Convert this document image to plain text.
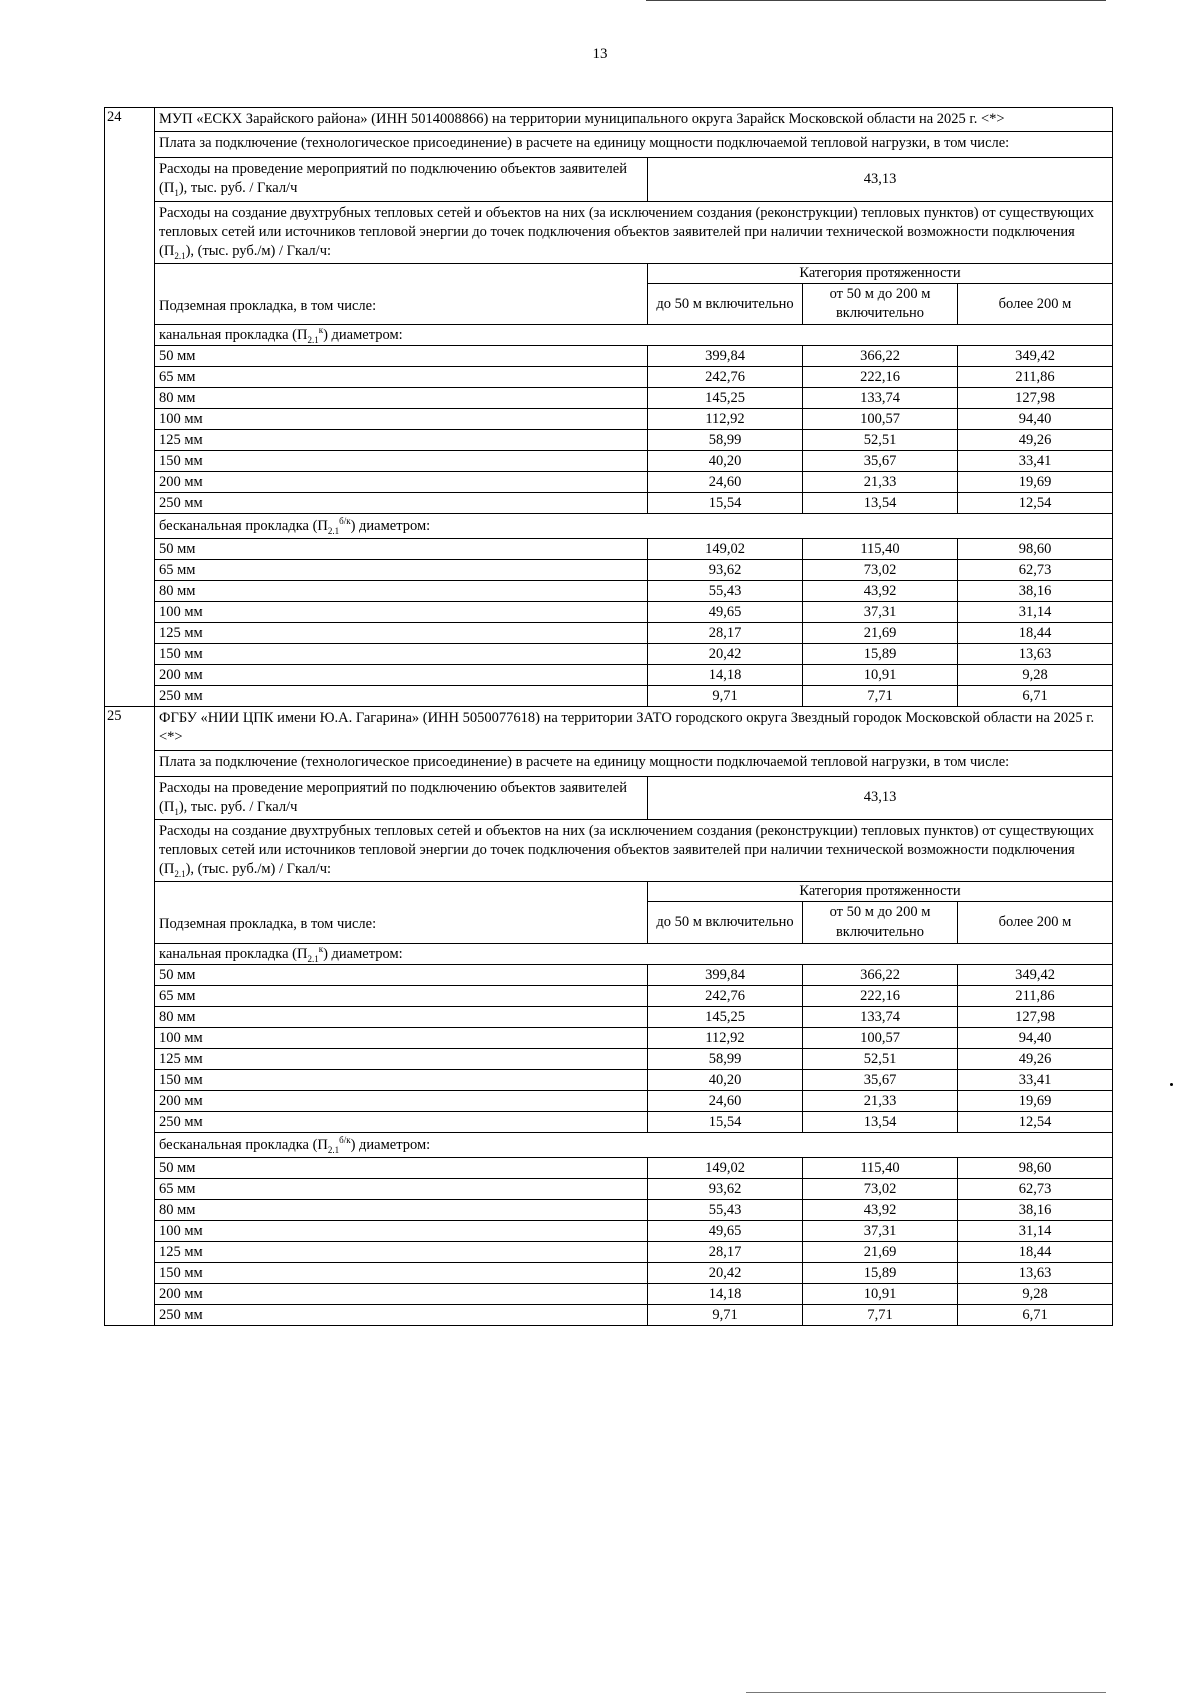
13
24	МУП «ЕСКХ Зарайского района» (ИНН 5014008866) на территории муниципального округа Зарайск Московской области на 2025 г. <*>			
	Плата за подключение (технологическое присоединение) в расчете на единицу мощности подключаемой тепловой нагрузки, в том числе:			
	Расходы на проведение мероприятий по подключению объектов заявителей $(П_1)$, тыс. руб. / Гкал/ч	43,13		
	Расходы на создание двухтрубных тепловых сетей и объектов на них (за исключением создания (реконструкции) тепловых пунктов) от существующих тепловых сетей или источников тепловой энергии до точек подключения объектов заявителей при наличии технической возможности подключения $(П_{2.1})$, (тыс. руб./м) / Гкал/ч:			
	Подземная прокладка, в том числе:	Категория протяженности		
		до 50 м включительно	от 50 м до 200 м включительно	более 200 м
	канальная прокладка $(П_{2.1}^к)$ диаметром:			
	50 мм	399,84	366,22	349,42
	65 мм	242,76	222,16	211,86
	80 мм	145,25	133,74	127,98
	100 мм	112,92	100,57	94,40
	125 мм	58,99	52,51	49,26
	150 мм	40,20	35,67	33,41
	200 мм	24,60	21,33	19,69
	250 мм	15,54	13,54	12,54
	бесканальная прокладка $(П_{2.1}^{б/к})$ диаметром:			
	50 мм	149,02	115,40	98,60
	65 мм	93,62	73,02	62,73
	80 мм	55,43	43,92	38,16
	100 мм	49,65	37,31	31,14
	125 мм	28,17	21,69	18,44
	150 мм	20,42	15,89	13,63
	200 мм	14,18	10,91	9,28
	250 мм	9,71	7,71	6,71
25	ФГБУ «НИИ ЦПК имени Ю.А. Гагарина» (ИНН 5050077618) на территории ЗАТО городского округа Звездный городок Московской области на 2025 г. <*>			
	Плата за подключение (технологическое присоединение) в расчете на единицу мощности подключаемой тепловой нагрузки, в том числе:			
	Расходы на проведение мероприятий по подключению объектов заявителей $(П_1)$, тыс. руб. / Гкал/ч	43,13		
	Расходы на создание двухтрубных тепловых сетей и объектов на них (за исключением создания (реконструкции) тепловых пунктов) от существующих тепловых сетей или источников тепловой энергии до точек подключения объектов заявителей при наличии технической возможности подключения $(П_{2.1})$, (тыс. руб./м) / Гкал/ч:			
	Подземная прокладка, в том числе:	Категория протяженности		
		до 50 м включительно	от 50 м до 200 м включительно	более 200 м
	канальная прокладка $(П_{2.1}^к)$ диаметром:			
	50 мм	399,84	366,22	349,42
	65 мм	242,76	222,16	211,86
	80 мм	145,25	133,74	127,98
	100 мм	112,92	100,57	94,40
	125 мм	58,99	52,51	49,26
	150 мм	40,20	35,67	33,41
	200 мм	24,60	21,33	19,69
	250 мм	15,54	13,54	12,54
	бесканальная прокладка $(П_{2.1}^{б/к})$ диаметром:			
	50 мм	149,02	115,40	98,60
	65 мм	93,62	73,02	62,73
	80 мм	55,43	43,92	38,16
	100 мм	49,65	37,31	31,14
	125 мм	28,17	21,69	18,44
	150 мм	20,42	15,89	13,63
	200 мм	14,18	10,91	9,28
	250 мм	9,71	7,71	6,71
